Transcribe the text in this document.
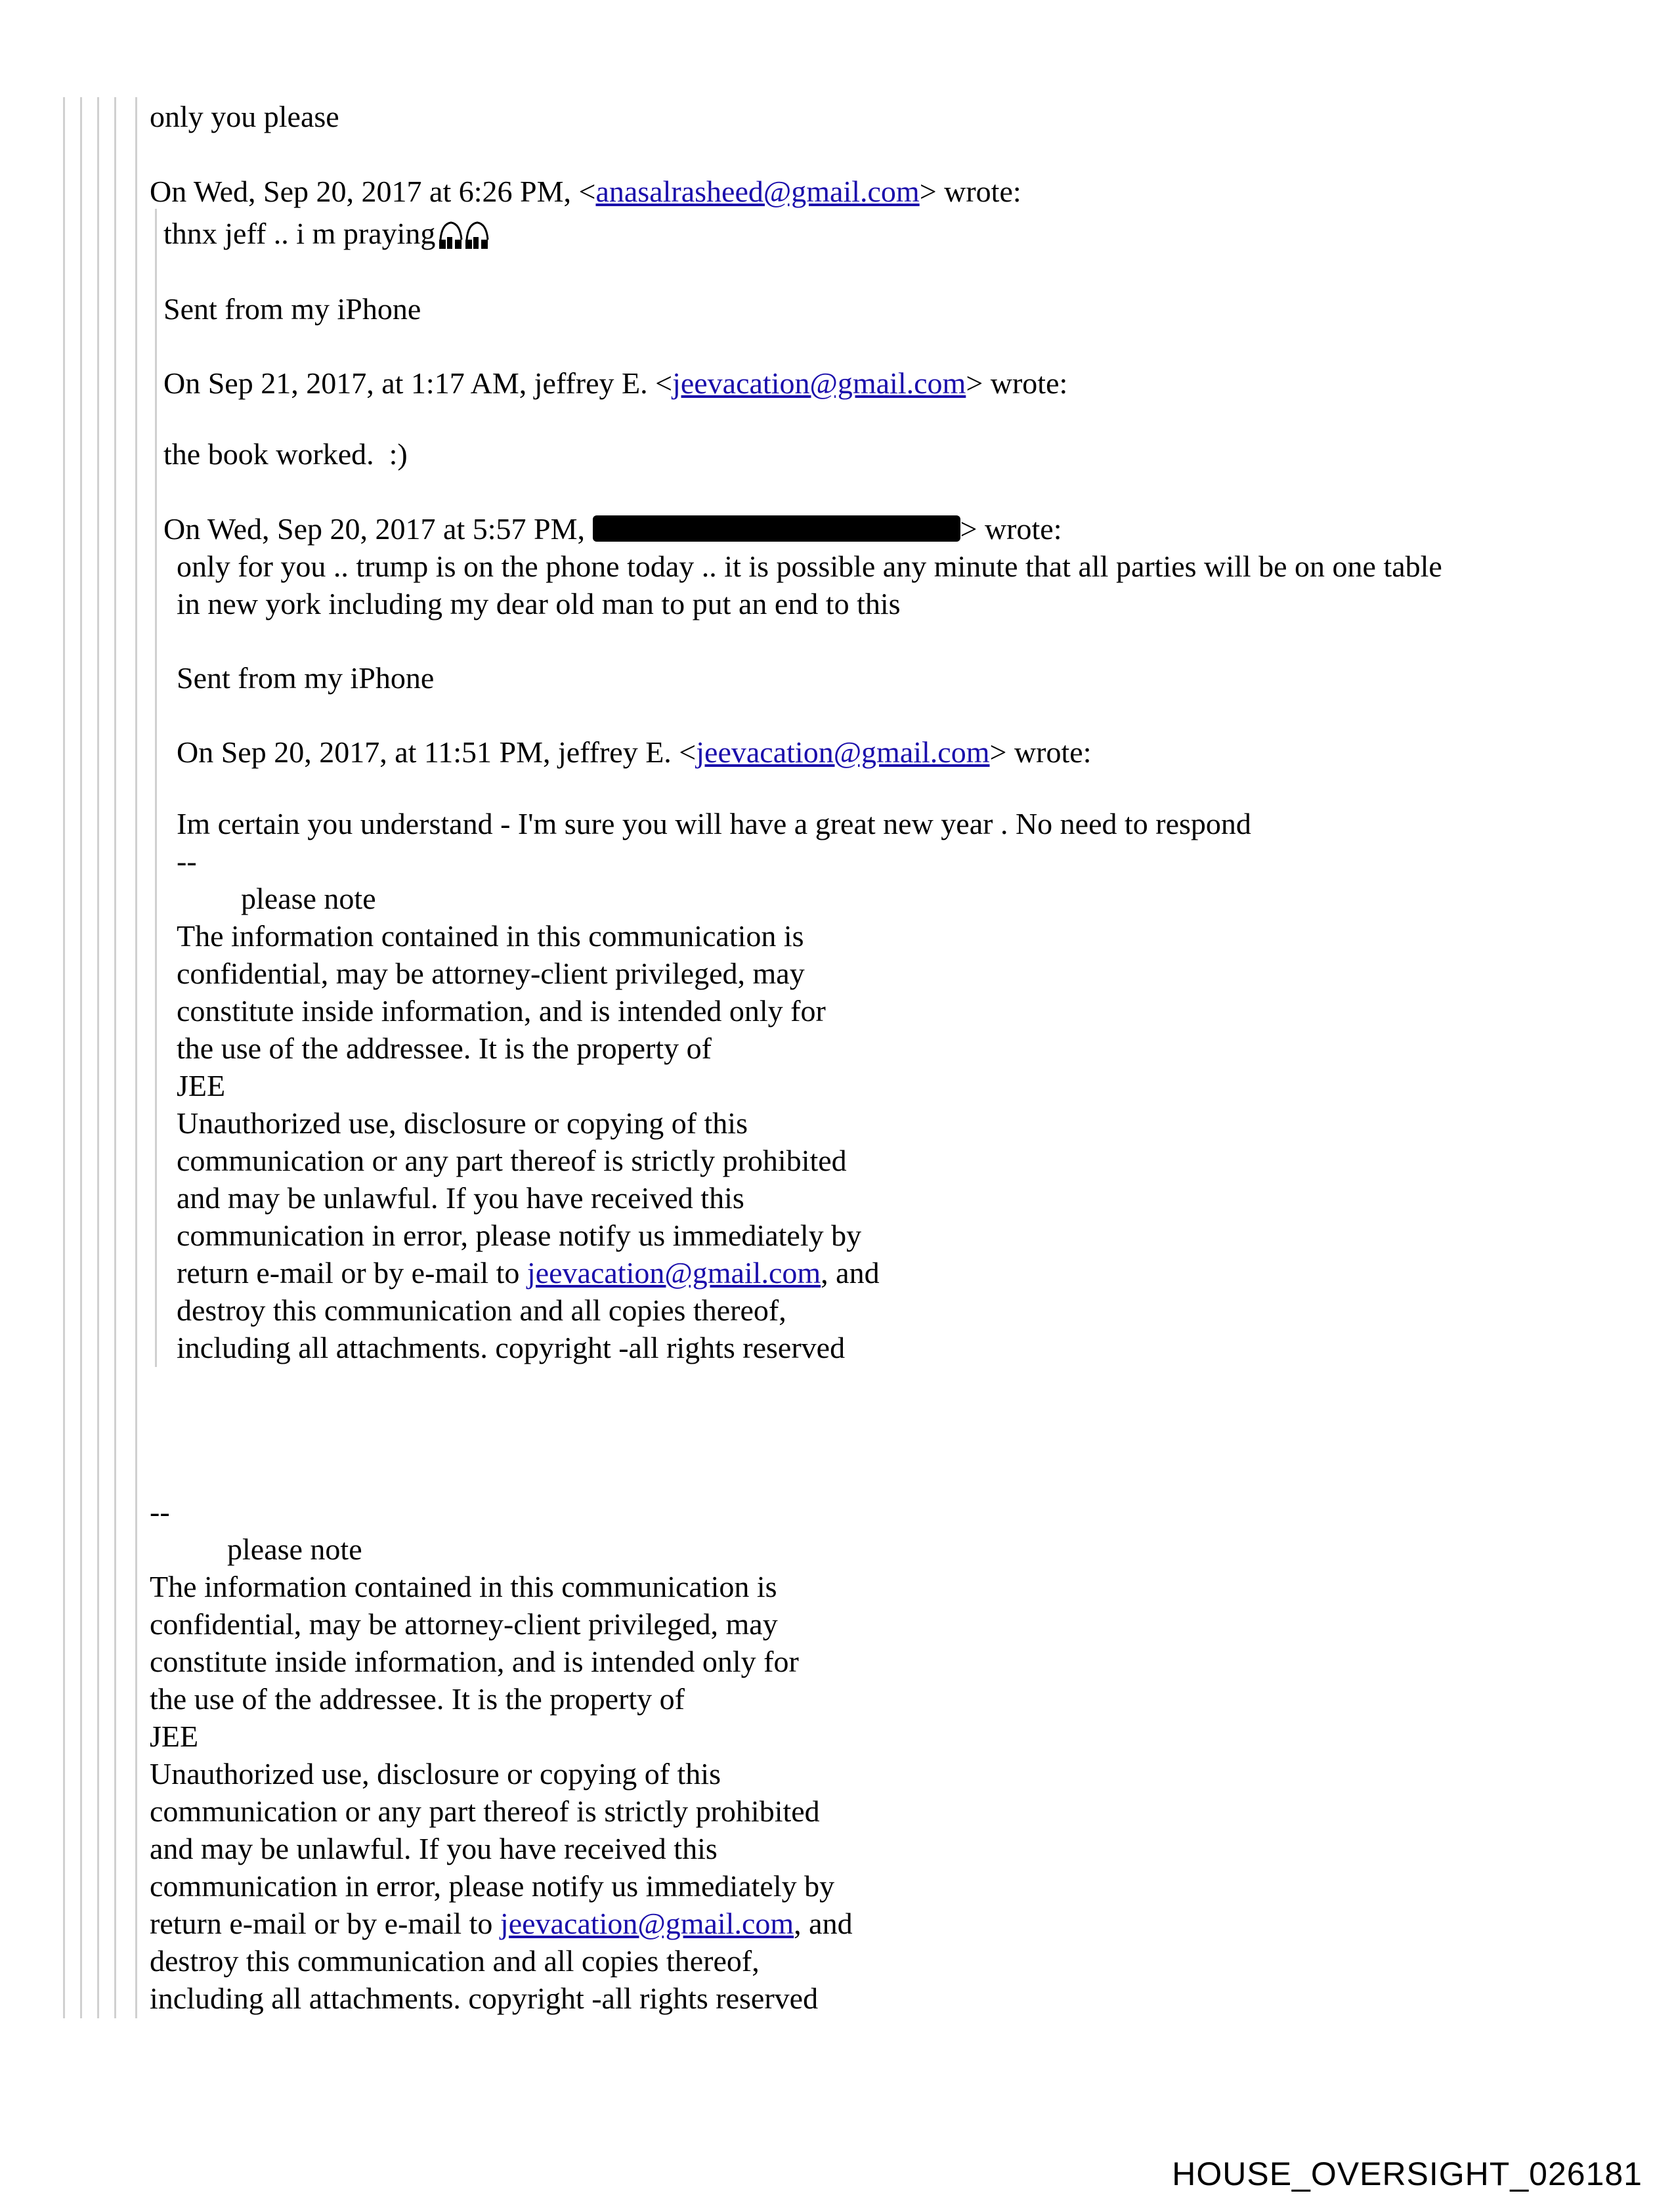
only you please

On Wed, Sep 20, 2017 at 6:26 PM, <anasalrasheed@gmail.com> wrote:

thnx jeff .. i m praying

Sent from my iPhone

On Sep 21, 2017, at 1:17 AM, jeffrey E. <jeevacation@gmail.com> wrote:

the book worked.  :)

On Wed, Sep 20, 2017 at 5:57 PM,	> wrote:

only for you .. trump is on the phone today .. it is possible any minute that all parties will be on one table

in new york including my dear old man to put an end to this

Sent from my iPhone

On Sep 20, 2017, at 11:51 PM, jeffrey E. <jeevacation@gmail.com> wrote:

Im certain you understand - I'm sure you will have a great new year . No need to respond

--

please note

The information contained in this communication is

confidential, may be attorney-client privileged, may

constitute inside information, and is intended only for

the use of the addressee. It is the property of

JEE

Unauthorized use, disclosure or copying of this

communication or any part thereof is strictly prohibited

and may be unlawful. If you have received this

communication in error, please notify us immediately by

return e-mail or by e-mail to jeevacation@gmail.com, and

destroy this communication and all copies thereof,

including all attachments. copyright -all rights reserved

--

please note

The information contained in this communication is

confidential, may be attorney-client privileged, may

constitute inside information, and is intended only for

the use of the addressee. It is the property of

JEE

Unauthorized use, disclosure or copying of this

communication or any part thereof is strictly prohibited

and may be unlawful. If you have received this

communication in error, please notify us immediately by

return e-mail or by e-mail to jeevacation@gmail.com, and

destroy this communication and all copies thereof,

including all attachments. copyright -all rights reserved

HOUSE_OVERSIGHT_026181
